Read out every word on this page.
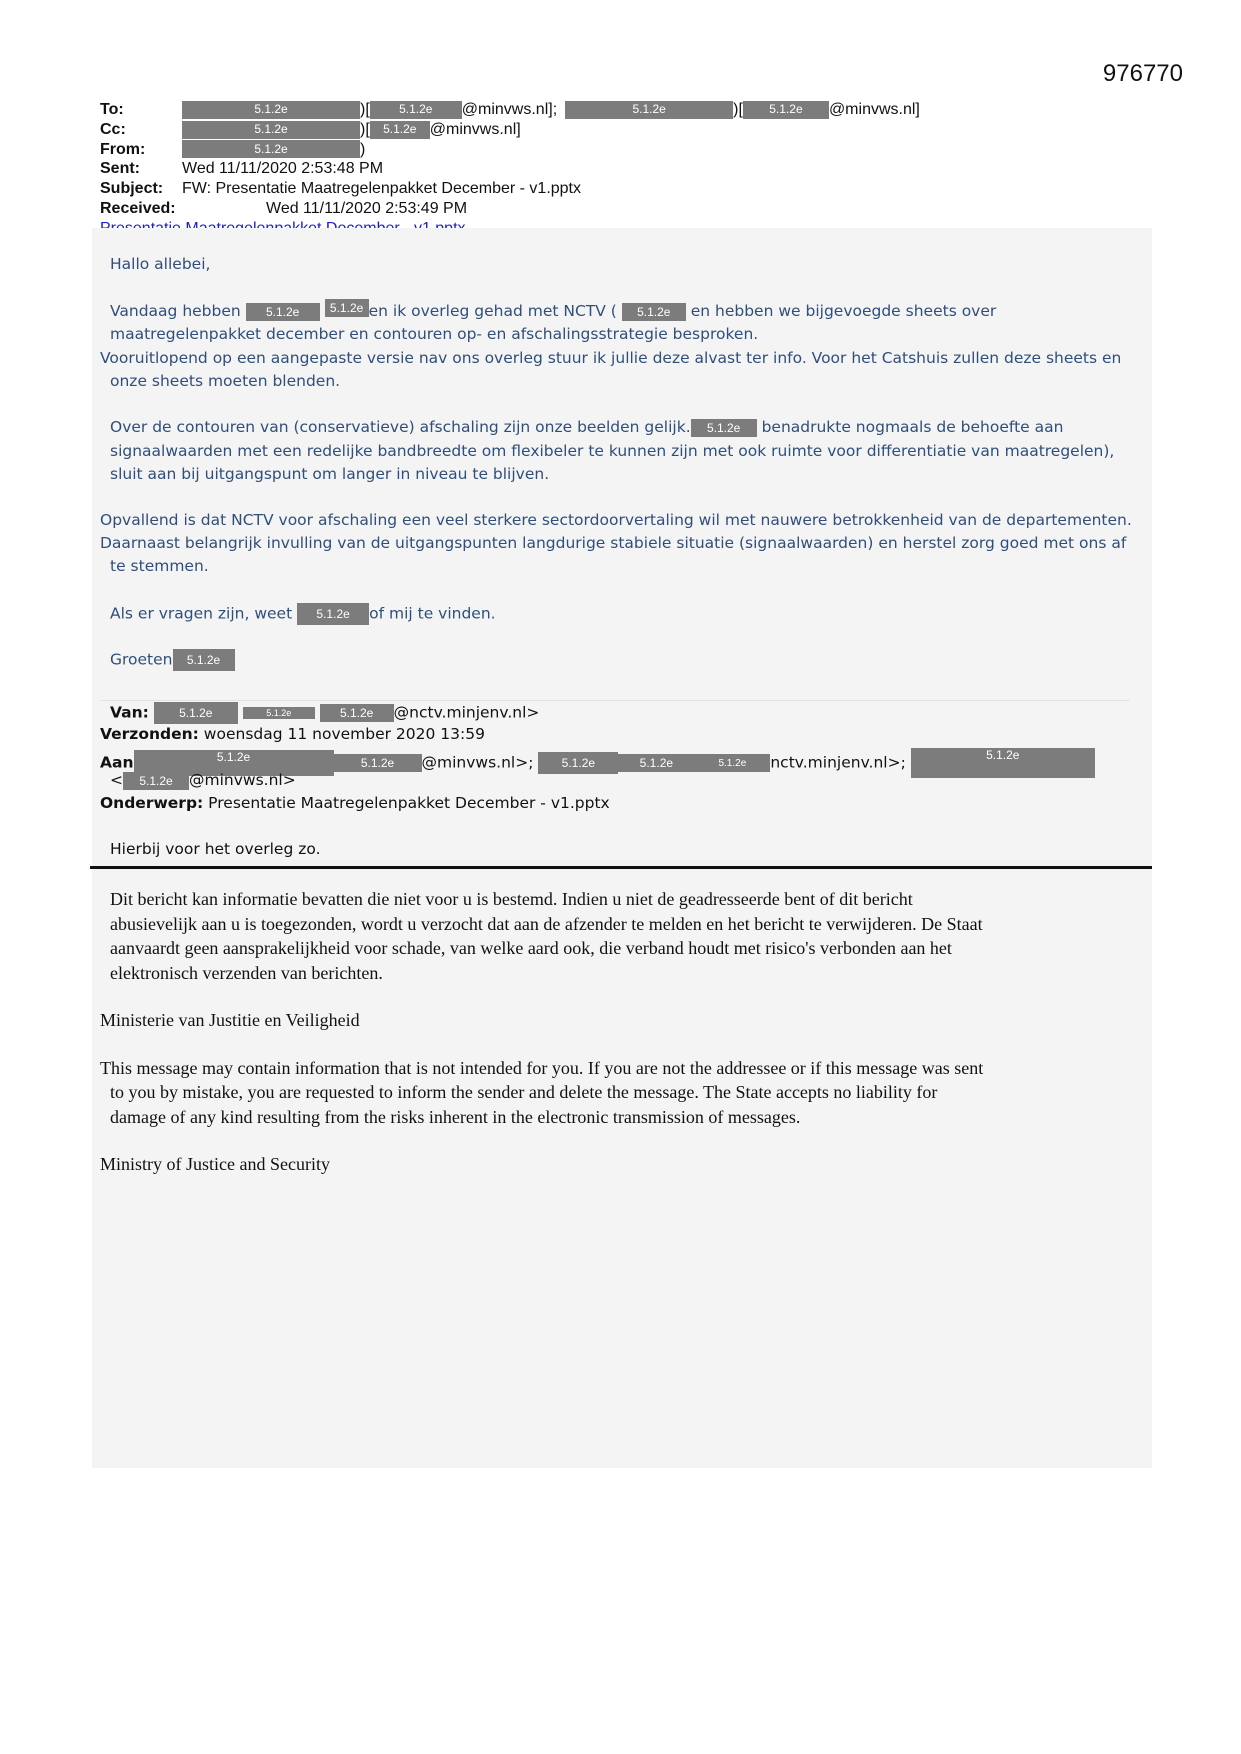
976770
To:	5.1.2e	)[	5.1.2e	@minvws.nl];	5.1.2e	)[	5.1.2e	@minvws.nl]
Cc:	5.1.2e	)[	5.1.2e @minvws.nl]
From:	5.1.2e	)
Sent:	Wed 11/11/2020 2:53:48 PM
Subject:	FW: Presentatie Maatregelenpakket December - v1.pptx
Received:	Wed 11/11/2020 2:53:49 PM
Hallo allebei,
Vandaag hebben 5.1.2e	5.1.2e en ik overleg gehad met NCTV ( 5.1.2e en hebben we bijgevoegde sheets over
maatregelenpakket december en contouren op- en afschalingsstrategie besproken.
Vooruitlopend op een aangepaste versie nav ons overleg stuur ik jullie deze alvast ter info. Voor het Catshuis zullen deze sheets en
onze sheets moeten blenden.
Over de contouren van (conservatieve) afschaling zijn onze beelden gelijk. 5.1.2e benadrukte nogmaals de behoefte aan
signaalwaarden met een redelijke bandbreedte om flexibeler te kunnen zijn met ook ruimte voor differentiatie van maatregelen),
sluit aan bij uitgangspunt om langer in niveau te blijven.
Opvallend is dat NCTV voor afschaling een veel sterkere sectordoorvertaling wil met nauwere betrokkenheid van de departementen.
Daarnaast belangrijk invulling van de uitgangspunten langdurige stabiele situatie (signaalwaarden) en herstel zorg goed met ons af
te stemmen.
Als er vragen zijn, weet 5.1.2e of mij te vinden.
Groeten 5.1.2e
Van:	5.1.2e	5.1.2e	5.1.2e @nctv.minjenv.nl>
Verzonden: woensdag 11 november 2020 13:59
Aan	5.1.2e	5.1.2e @minvws.nl>; 5.1.2e	5.1.2e	5.1.2e nctv.minjenv.nl>;	5.1.2e
< 5.1.2e @minvws.nl>
Onderwerp: Presentatie Maatregelenpakket December - v1.pptx
Hierbij voor het overleg zo.

Dit bericht kan informatie bevatten die niet voor u is bestemd. Indien u niet de geadresseerde bent of dit bericht

abusievelijk aan u is toegezonden, wordt u verzocht dat aan de afzender te melden en het bericht te verwijderen. De Staat

aanvaardt geen aansprakelijkheid voor schade, van welke aard ook, die verband houdt met risico's verbonden aan het

elektronisch verzenden van berichten.

Ministerie van Justitie en Veiligheid

This message may contain information that is not intended for you. If you are not the addressee or if this message was sent

to you by mistake, you are requested to inform the sender and delete the message. The State accepts no liability for

damage of any kind resulting from the risks inherent in the electronic transmission of messages.

Ministry of Justice and Security
